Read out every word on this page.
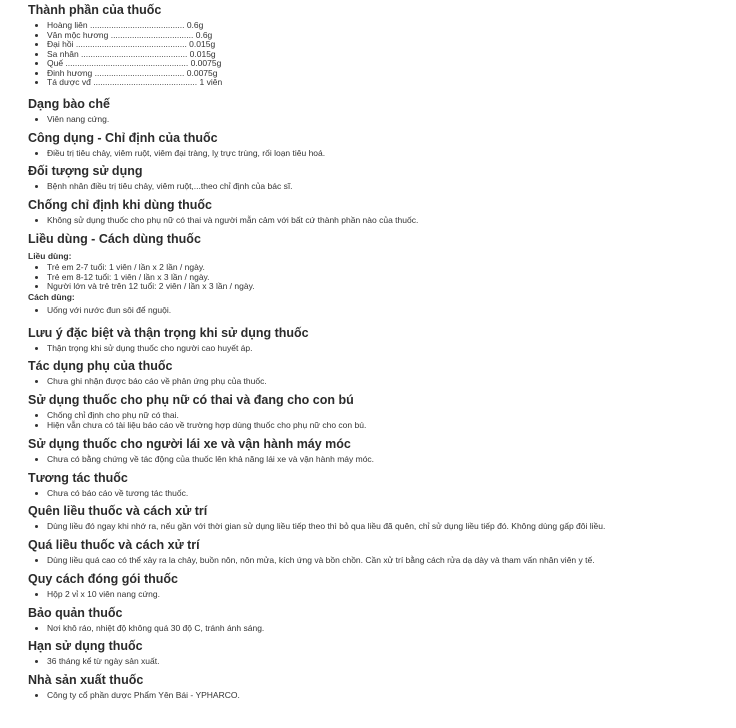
Thành phần của thuốc
• Hoàng liên ........................................ 0.6g
• Vân mộc hương ................................... 0.6g
• Đại hồi ............................................... 0.015g
• Sa nhân ............................................. 0.015g
• Quế .................................................... 0.0075g
• Đinh hương ...................................... 0.0075g
• Tá dược vđ ............................................ 1 viên
Dạng bào chế
• Viên nang cứng.
Công dụng - Chỉ định của thuốc
• Điều trị tiêu chảy, viêm ruột, viêm đại tràng, lỵ trực trùng, rối loạn tiêu hoá.
Đối tượng sử dụng
• Bệnh nhân điều trị tiêu chảy, viêm ruột,...theo chỉ định của bác sĩ.
Chống chỉ định khi dùng thuốc
• Không sử dụng thuốc cho phụ nữ có thai và người mẫn cảm với bất cứ thành phần nào của thuốc.
Liều dùng - Cách dùng thuốc
Liều dùng:
• Trẻ em 2-7 tuổi: 1 viên / lần x 2 lần / ngày.
• Trẻ em 8-12 tuổi: 1 viên / lần x 3 lần / ngày.
• Người lớn và trẻ trên 12 tuổi: 2 viên / lần x 3 lần / ngày.
Cách dùng:
• Uống với nước đun sôi để nguội.
Lưu ý đặc biệt và thận trọng khi sử dụng thuốc
• Thận trọng khi sử dụng thuốc cho người cao huyết áp.
Tác dụng phụ của thuốc
• Chưa ghi nhận được báo cáo về phản ứng phụ của thuốc.
Sử dụng thuốc cho phụ nữ có thai và đang cho con bú
• Chống chỉ định cho phụ nữ có thai.
• Hiện vẫn chưa có tài liệu báo cáo về trường hợp dùng thuốc cho phụ nữ cho con bú.
Sử dụng thuốc cho người lái xe và vận hành máy móc
• Chưa có bằng chứng về tác động của thuốc lên khả năng lái xe và vận hành máy móc.
Tương tác thuốc
• Chưa có báo cáo về tương tác thuốc.
Quên liều thuốc và cách xử trí
• Dùng liều đó ngay khi nhớ ra, nếu gần với thời gian sử dụng liều tiếp theo thì bỏ qua liều đã quên, chỉ sử dụng liều tiếp đó. Không dùng gấp đôi liều.
Quá liều thuốc và cách xử trí
• Dùng liều quá cao có thể xảy ra la chảy, buồn nôn, nôn mửa, kích ứng và bồn chồn. Cần xử trí bằng cách rửa dạ dày và tham vấn nhân viên y tế.
Quy cách đóng gói thuốc
• Hộp 2 vỉ x 10 viên nang cứng.
Bảo quản thuốc
• Nơi khô ráo, nhiệt độ không quá 30 độ C, tránh ánh sáng.
Hạn sử dụng thuốc
• 36 tháng kể từ ngày sản xuất.
Nhà sản xuất thuốc
• Công ty cổ phần dược Phẩm Yên Bái - YPHARCO.
